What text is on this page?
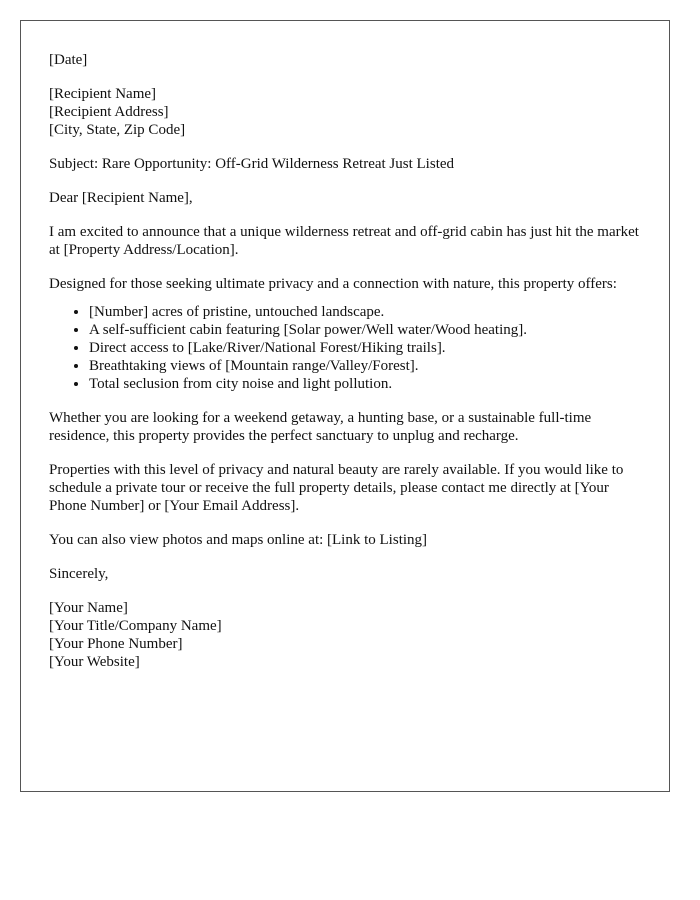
[Date]
[Recipient Name]
[Recipient Address]
[City, State, Zip Code]

Subject: Rare Opportunity: Off-Grid Wilderness Retreat Just Listed

Dear [Recipient Name],

I am excited to announce that a unique wilderness retreat and off-grid cabin has just hit the market at [Property Address/Location].

Designed for those seeking ultimate privacy and a connection with nature, this property offers:

• [Number] acres of pristine, untouched landscape.
• A self-sufficient cabin featuring [Solar power/Well water/Wood heating].
• Direct access to [Lake/River/National Forest/Hiking trails].
• Breathtaking views of [Mountain range/Valley/Forest].
• Total seclusion from city noise and light pollution.

Whether you are looking for a weekend getaway, a hunting base, or a sustainable full-time residence, this property provides the perfect sanctuary to unplug and recharge.

Properties with this level of privacy and natural beauty are rarely available. If you would like to schedule a private tour or receive the full property details, please contact me directly at [Your Phone Number] or [Your Email Address].

You can also view photos and maps online at: [Link to Listing]

Sincerely,

[Your Name]
[Your Title/Company Name]
[Your Phone Number]
[Your Website]
